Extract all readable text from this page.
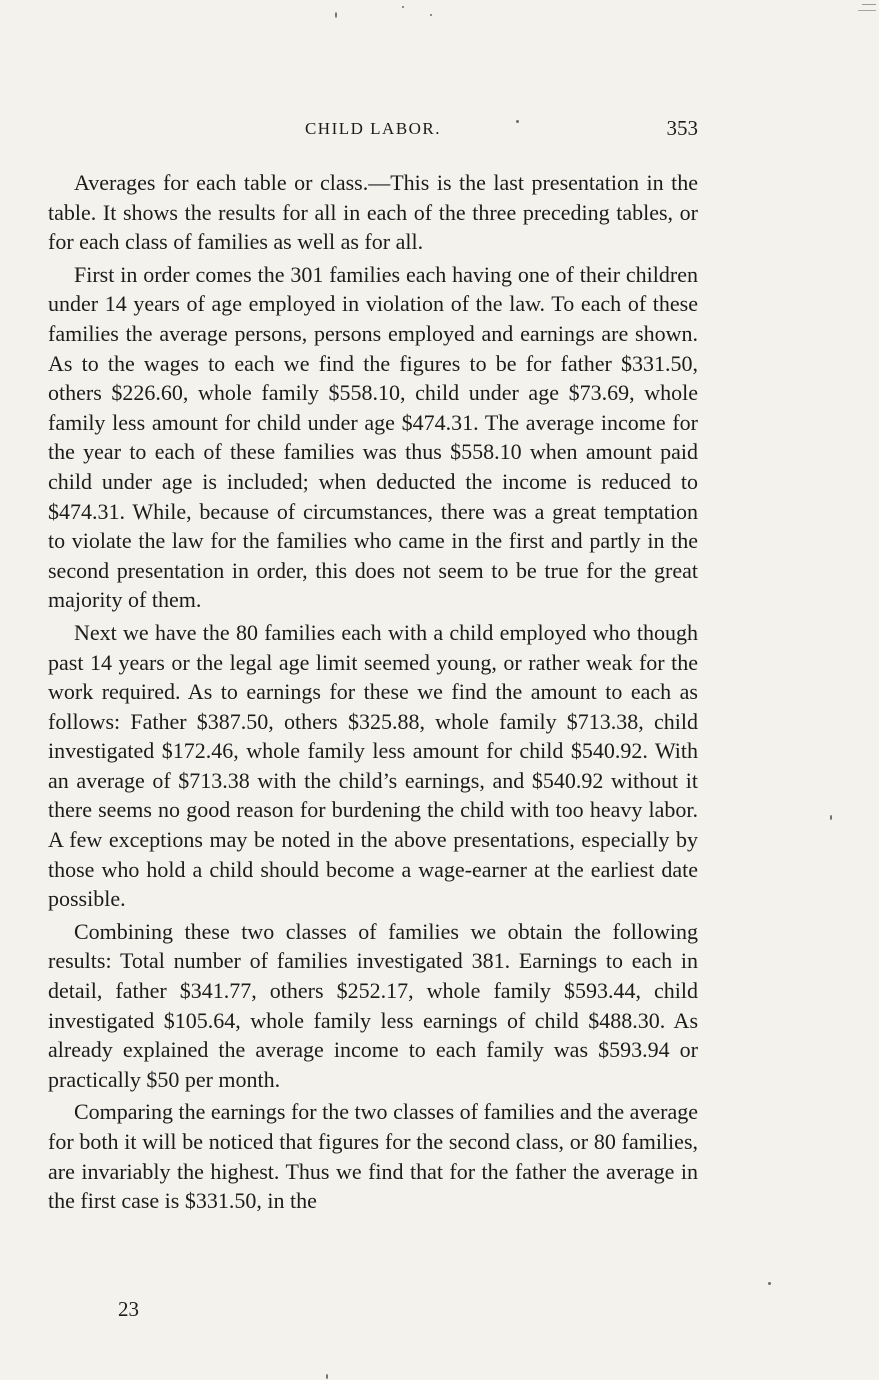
CHILD LABOR.	353

Averages for each table or class.—This is the last presentation in the table. It shows the results for all in each of the three preceding tables, or for each class of families as well as for all.

First in order comes the 301 families each having one of their children under 14 years of age employed in violation of the law. To each of these families the average persons, persons employed and earnings are shown. As to the wages to each we find the figures to be for father $331.50, others $226.60, whole family $558.10, child under age $73.69, whole family less amount for child under age $474.31. The average income for the year to each of these families was thus $558.10 when amount paid child under age is included; when deducted the income is reduced to $474.31. While, because of circumstances, there was a great temptation to violate the law for the families who came in the first and partly in the second presentation in order, this does not seem to be true for the great majority of them.

Next we have the 80 families each with a child employed who though past 14 years or the legal age limit seemed young, or rather weak for the work required. As to earnings for these we find the amount to each as follows: Father $387.50, others $325.88, whole family $713.38, child investigated $172.46, whole family less amount for child $540.92. With an average of $713.38 with the child’s earnings, and $540.92 without it there seems no good reason for burdening the child with too heavy labor. A few exceptions may be noted in the above presentations, especially by those who hold a child should become a wage-earner at the earliest date possible.

Combining these two classes of families we obtain the following results: Total number of families investigated 381. Earnings to each in detail, father $341.77, others $252.17, whole family $593.44, child investigated $105.64, whole family less earnings of child $488.30. As already explained the average income to each family was $593.94 or practically $50 per month.

Comparing the earnings for the two classes of families and the average for both it will be noticed that figures for the second class, or 80 families, are invariably the highest. Thus we find that for the father the average in the first case is $331.50, in the

23
